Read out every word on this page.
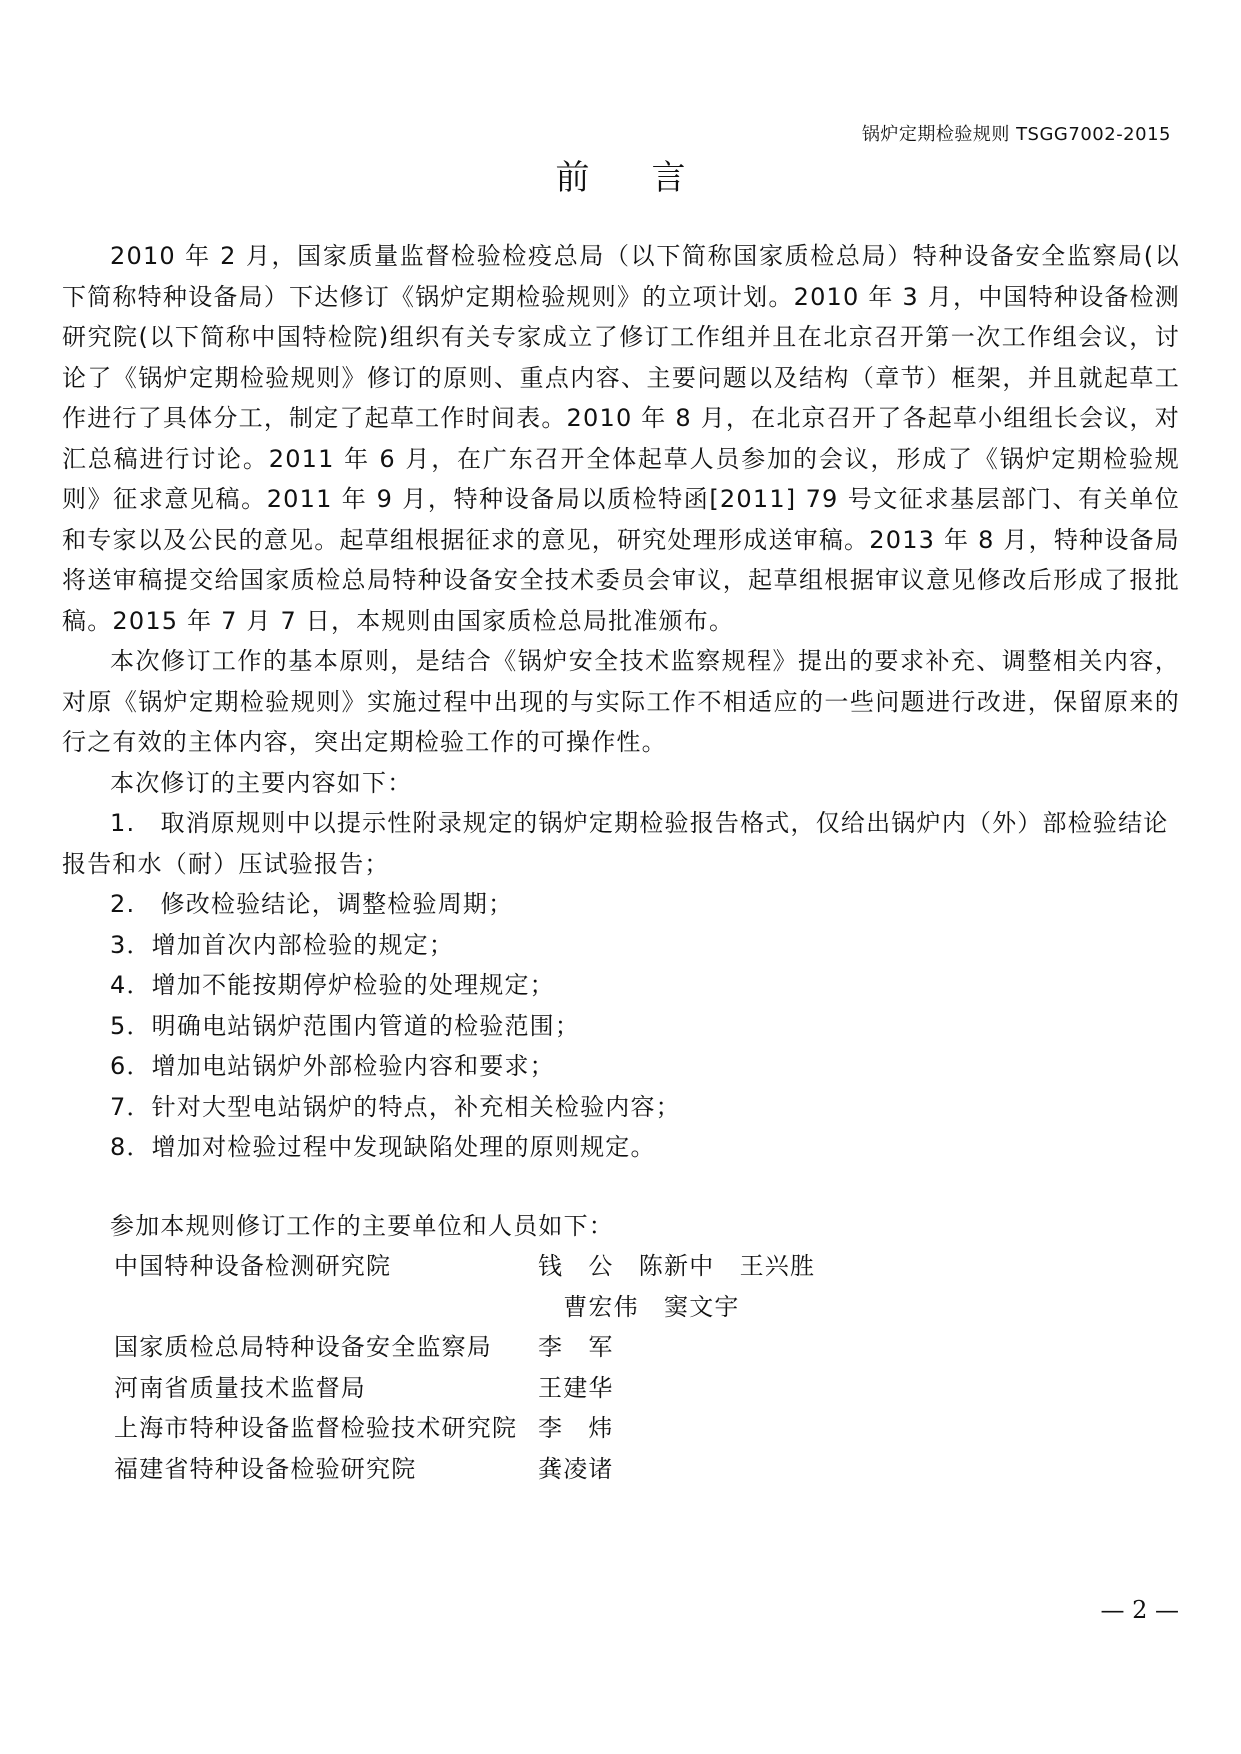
锅炉定期检验规则 TSGG7002-2015
前言

2010 年 2 月，国家质量监督检验检疫总局（以下简称国家质检总局）特种设备安全监察局(以下简称特种设备局）下达修订《锅炉定期检验规则》的立项计划。2010 年 3 月，中国特种设备检测研究院(以下简称中国特检院)组织有关专家成立了修订工作组并且在北京召开第一次工作组会议，讨论了《锅炉定期检验规则》修订的原则、重点内容、主要问题以及结构（章节）框架，并且就起草工作进行了具体分工，制定了起草工作时间表。2010 年 8 月，在北京召开了各起草小组组长会议，对汇总稿进行讨论。2011 年 6 月，在广东召开全体起草人员参加的会议，形成了《锅炉定期检验规则》征求意见稿。2011 年 9 月，特种设备局以质检特函[2011] 79 号文征求基层部门、有关单位和专家以及公民的意见。起草组根据征求的意见，研究处理形成送审稿。2013 年 8 月，特种设备局将送审稿提交给国家质检总局特种设备安全技术委员会审议，起草组根据审议意见修改后形成了报批稿。2015 年 7 月 7 日，本规则由国家质检总局批准颁布。

本次修订工作的基本原则，是结合《锅炉安全技术监察规程》提出的要求补充、调整相关内容，对原《锅炉定期检验规则》实施过程中出现的与实际工作不相适应的一些问题进行改进，保留原来的行之有效的主体内容，突出定期检验工作的可操作性。

本次修订的主要内容如下：

1.　取消原规则中以提示性附录规定的锅炉定期检验报告格式，仅给出锅炉内（外）部检验结论报告和水（耐）压试验报告；

2.　修改检验结论，调整检验周期；

3．增加首次内部检验的规定；

4．增加不能按期停炉检验的处理规定；

5．明确电站锅炉范围内管道的检验范围；

6．增加电站锅炉外部检验内容和要求；

7．针对大型电站锅炉的特点，补充相关检验内容；

8．增加对检验过程中发现缺陷处理的原则规定。

参加本规则修订工作的主要单位和人员如下：

中国特种设备检测研究院	钱　公　陈新中　王兴胜
　曹宏伟　窦文宇
国家质检总局特种设备安全监察局	李　军
河南省质量技术监督局	王建华
上海市特种设备监督检验技术研究院 李　炜
福建省特种设备检验研究院	龚凌诸
— 2 —
